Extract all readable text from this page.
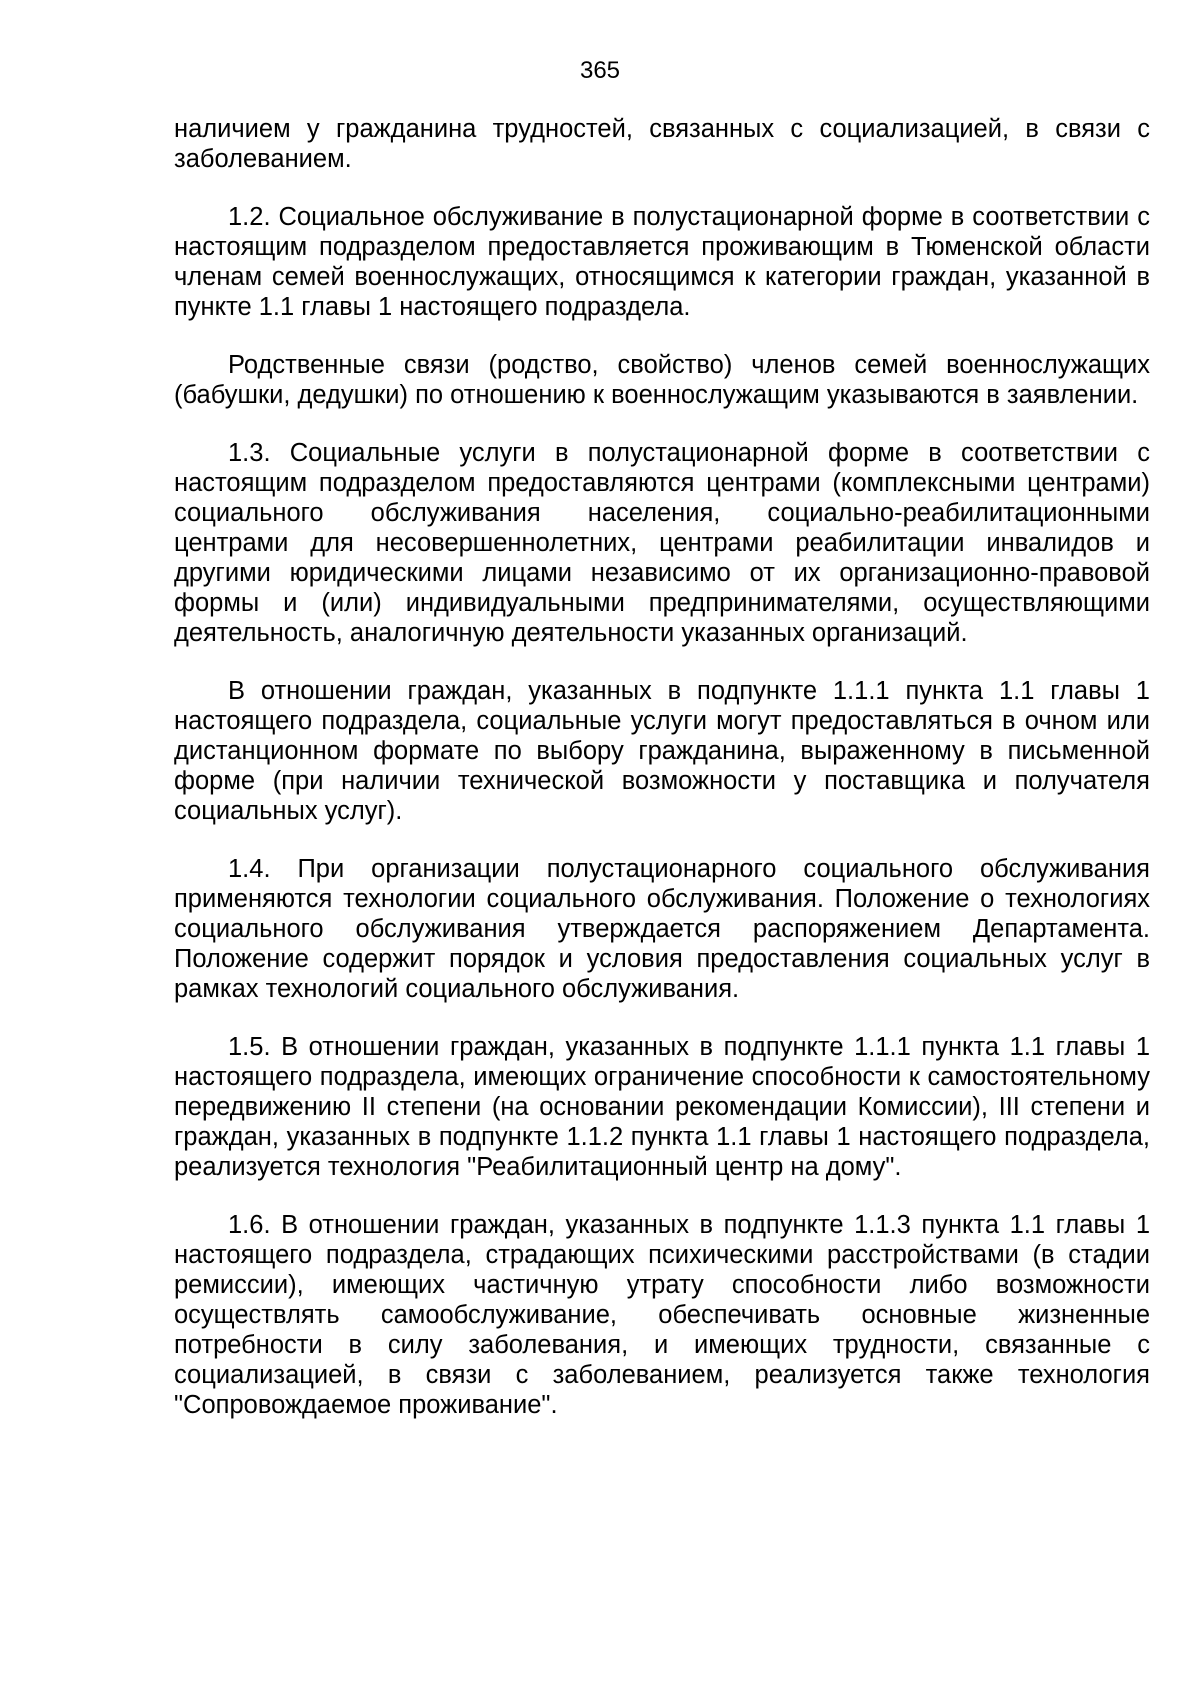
365

наличием у гражданина трудностей, связанных с социализацией, в связи с заболеванием.

1.2. Социальное обслуживание в полустационарной форме в соответствии с настоящим подразделом предоставляется проживающим в Тюменской области членам семей военнослужащих, относящимся к категории граждан, указанной в пункте 1.1 главы 1 настоящего подраздела.

Родственные связи (родство, свойство) членов семей военнослужащих (бабушки, дедушки) по отношению к военнослужащим указываются в заявлении.

1.3. Социальные услуги в полустационарной форме в соответствии с настоящим подразделом предоставляются центрами (комплексными центрами) социального обслуживания населения, социально-реабилитационными центрами для несовершеннолетних, центрами реабилитации инвалидов и другими юридическими лицами независимо от их организационно-правовой формы и (или) индивидуальными предпринимателями, осуществляющими деятельность, аналогичную деятельности указанных организаций.

В отношении граждан, указанных в подпункте 1.1.1 пункта 1.1 главы 1 настоящего подраздела, социальные услуги могут предоставляться в очном или дистанционном формате по выбору гражданина, выраженному в письменной форме (при наличии технической возможности у поставщика и получателя социальных услуг).

1.4. При организации полустационарного социального обслуживания применяются технологии социального обслуживания. Положение о технологиях социального обслуживания утверждается распоряжением Департамента. Положение содержит порядок и условия предоставления социальных услуг в рамках технологий социального обслуживания.

1.5. В отношении граждан, указанных в подпункте 1.1.1 пункта 1.1 главы 1 настоящего подраздела, имеющих ограничение способности к самостоятельному передвижению II степени (на основании рекомендации Комиссии), III степени и граждан, указанных в подпункте 1.1.2 пункта 1.1 главы 1 настоящего подраздела, реализуется технология "Реабилитационный центр на дому".

1.6. В отношении граждан, указанных в подпункте 1.1.3 пункта 1.1 главы 1 настоящего подраздела, страдающих психическими расстройствами (в стадии ремиссии), имеющих частичную утрату способности либо возможности осуществлять самообслуживание, обеспечивать основные жизненные потребности в силу заболевания, и имеющих трудности, связанные с социализацией, в связи с заболеванием, реализуется также технология "Сопровождаемое проживание".
